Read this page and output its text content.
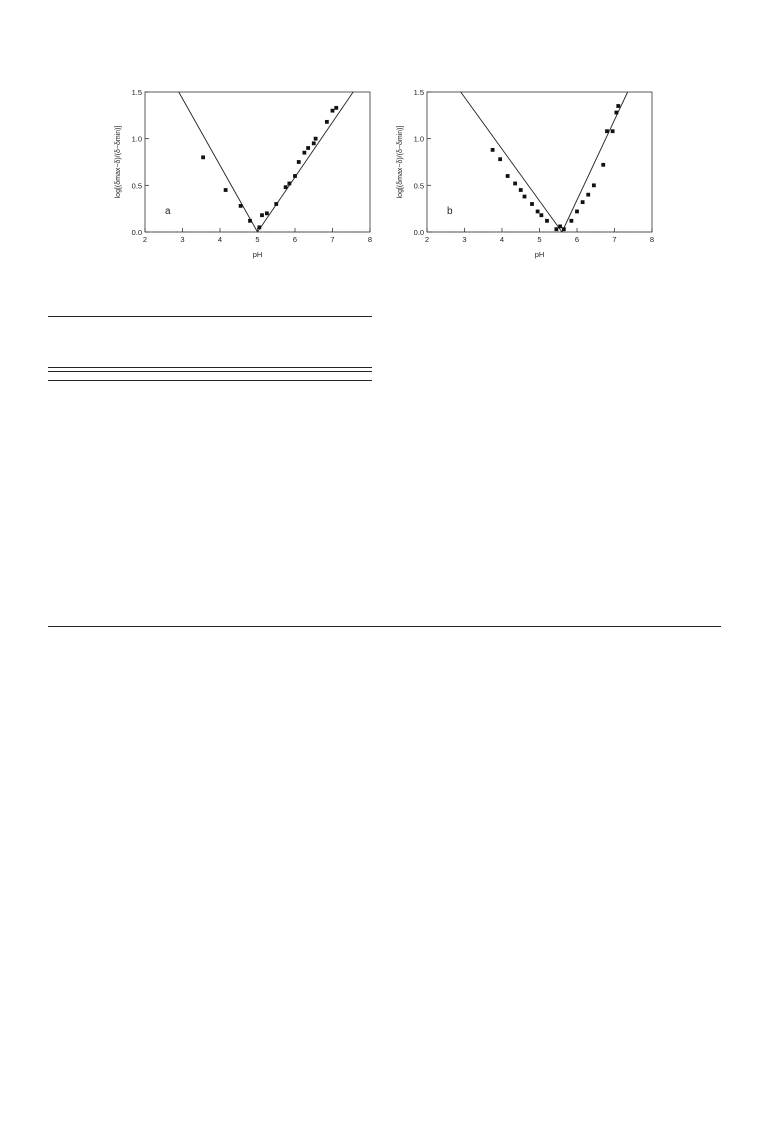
2	3	4	5	6	7	8
0.0
0.5
1.0
1.5
pH
log[(δmax−δ)/(δ−δmin)]
a
2	3	4	5	6	7	8
0.0
0.5
1.0
1.5
pH
log[(δmax−δ)/(δ−δmin)]
b
